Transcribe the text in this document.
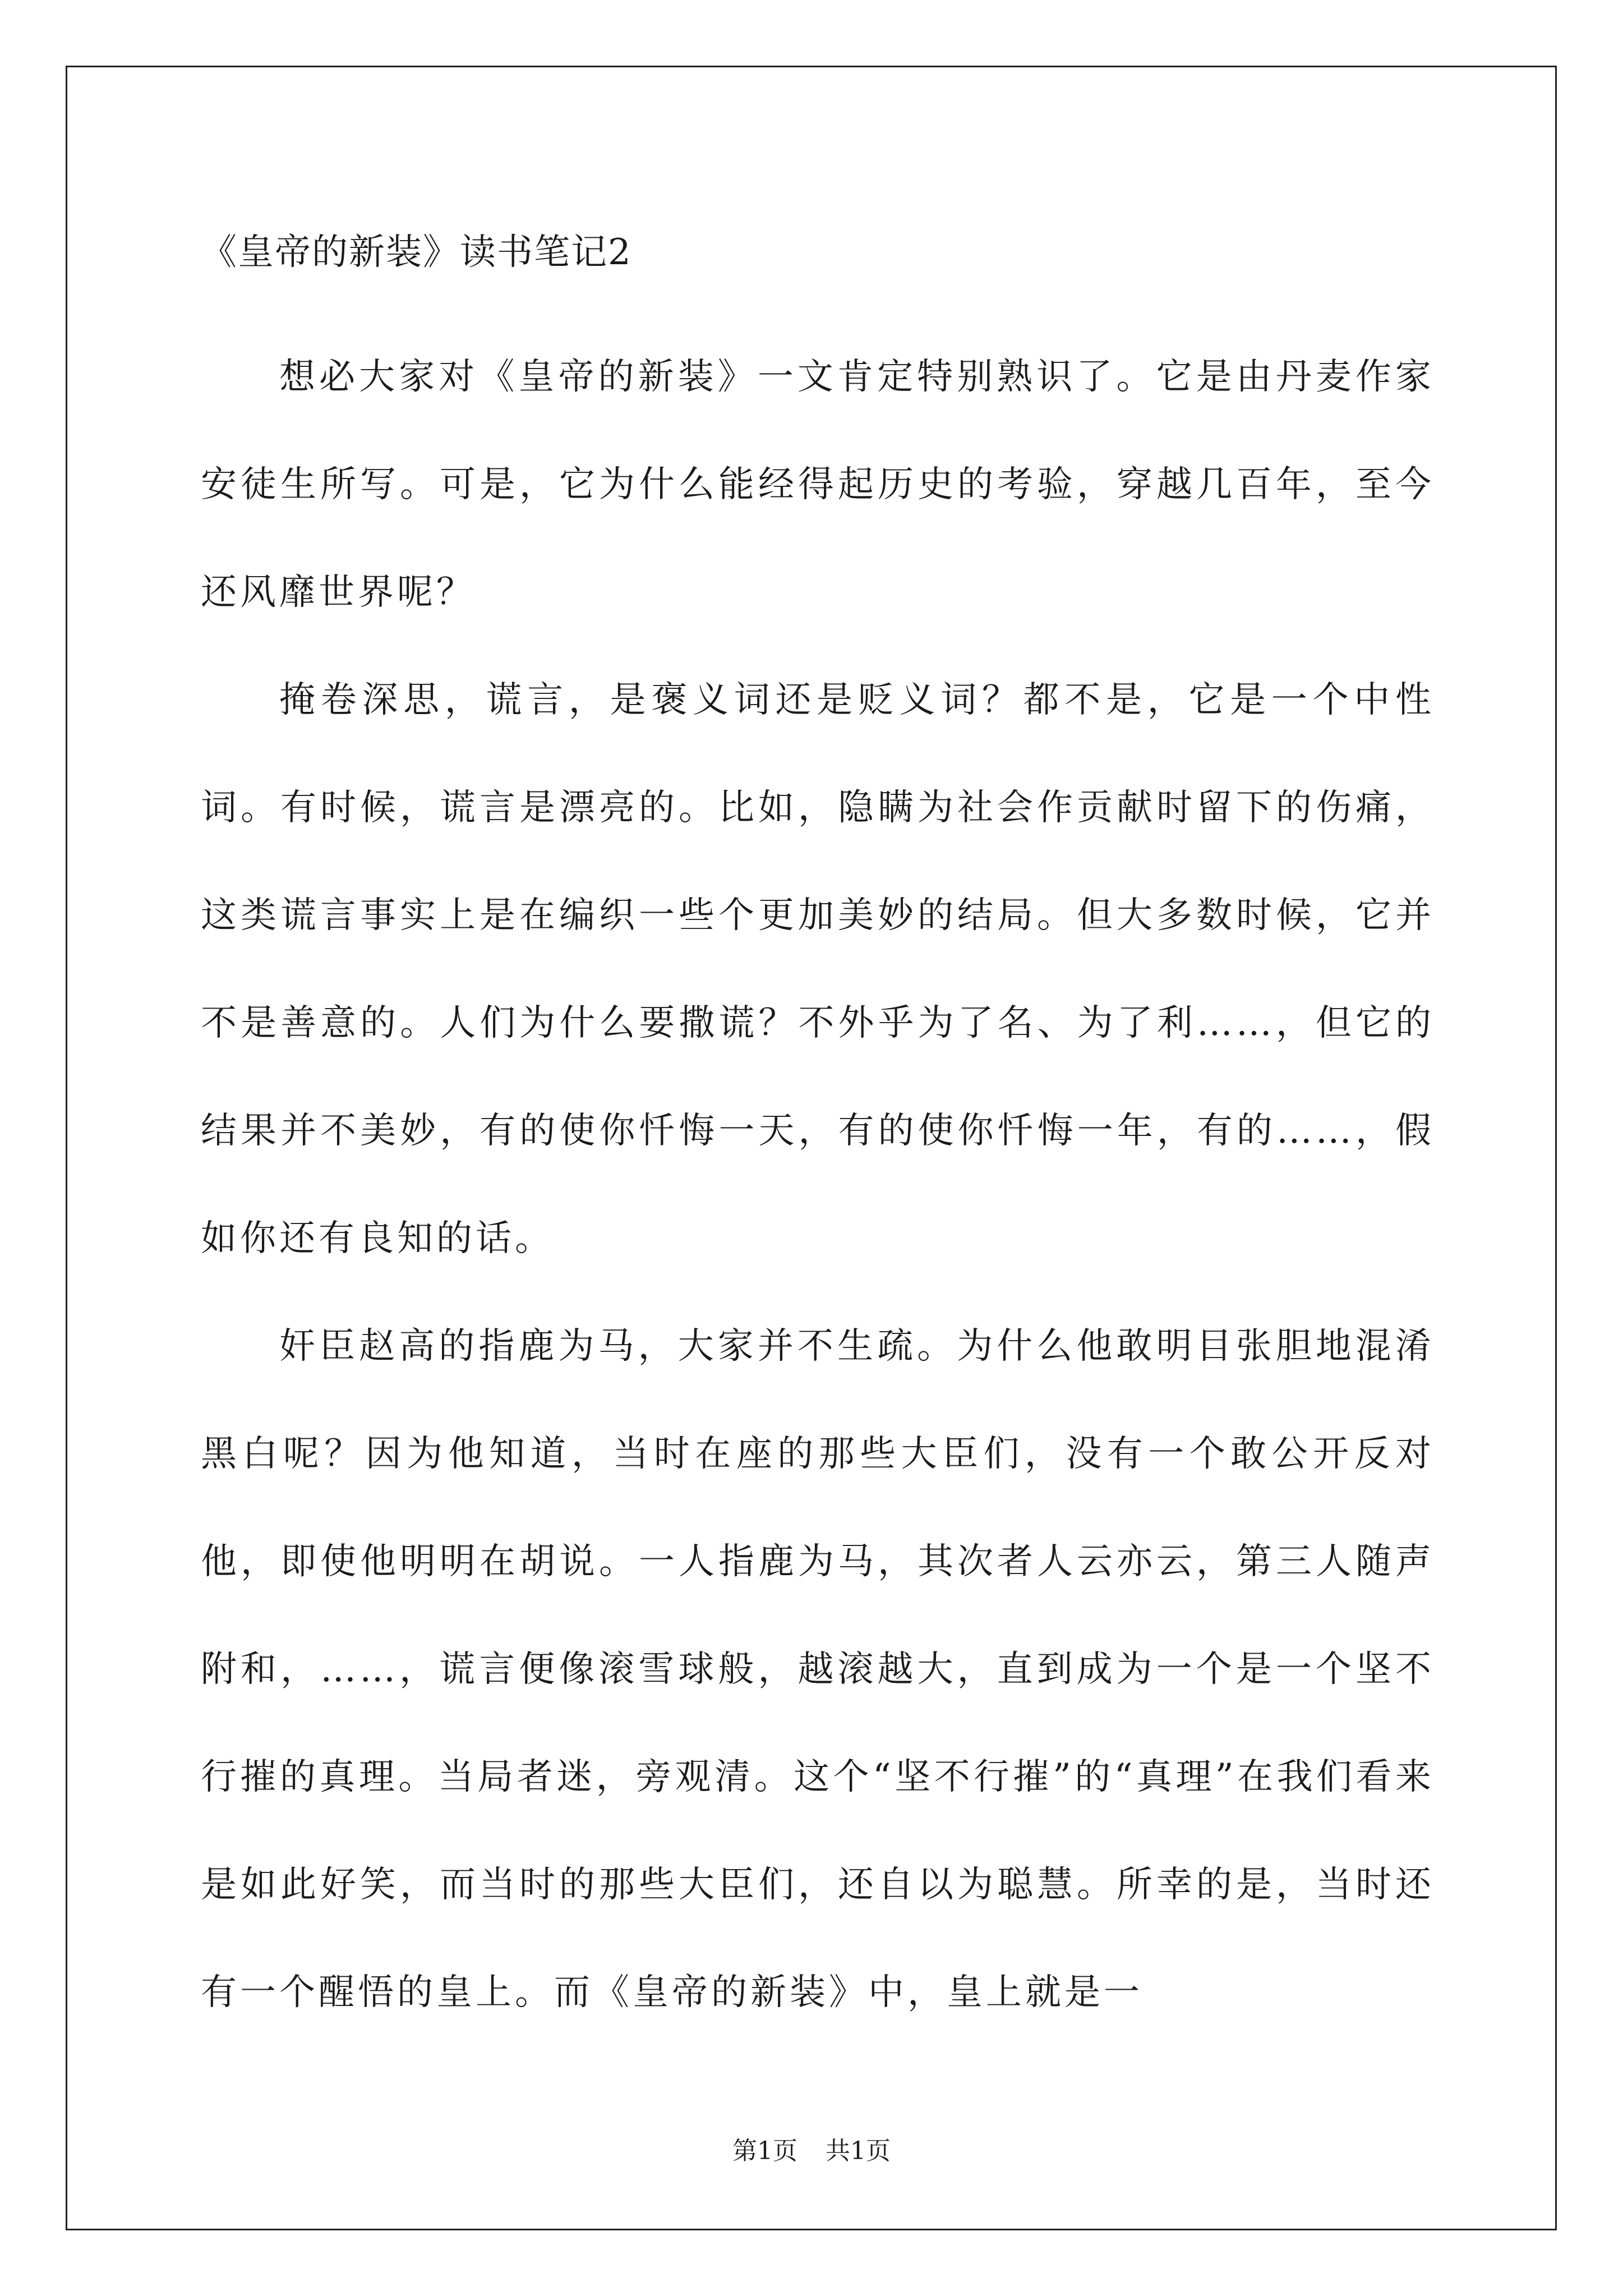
《皇帝的新装》读书笔记2

想必大家对《皇帝的新装》一文肯定特别熟识了。它是由丹麦作家安徒生所写。可是，它为什么能经得起历史的考验，穿越几百年，至今还风靡世界呢？

掩卷深思，谎言，是褒义词还是贬义词？都不是，它是一个中性词。有时候，谎言是漂亮的。比如，隐瞒为社会作贡献时留下的伤痛，这类谎言事实上是在编织一些个更加美妙的结局。但大多数时候，它并不是善意的。人们为什么要撒谎？不外乎为了名、为了利……，但它的结果并不美妙，有的使你忏悔一天，有的使你忏悔一年，有的……，假如你还有良知的话。

奸臣赵高的指鹿为马，大家并不生疏。为什么他敢明目张胆地混淆黑白呢？因为他知道，当时在座的那些大臣们，没有一个敢公开反对他，即使他明明在胡说。一人指鹿为马，其次者人云亦云，第三人随声附和，……，谎言便像滚雪球般，越滚越大，直到成为一个是一个坚不行摧的真理。当局者迷，旁观清。这个“坚不行摧”的“真理”在我们看来是如此好笑，而当时的那些大臣们，还自以为聪慧。所幸的是，当时还有一个醒悟的皇上。而《皇帝的新装》中，皇上就是一

第1页 共1页
